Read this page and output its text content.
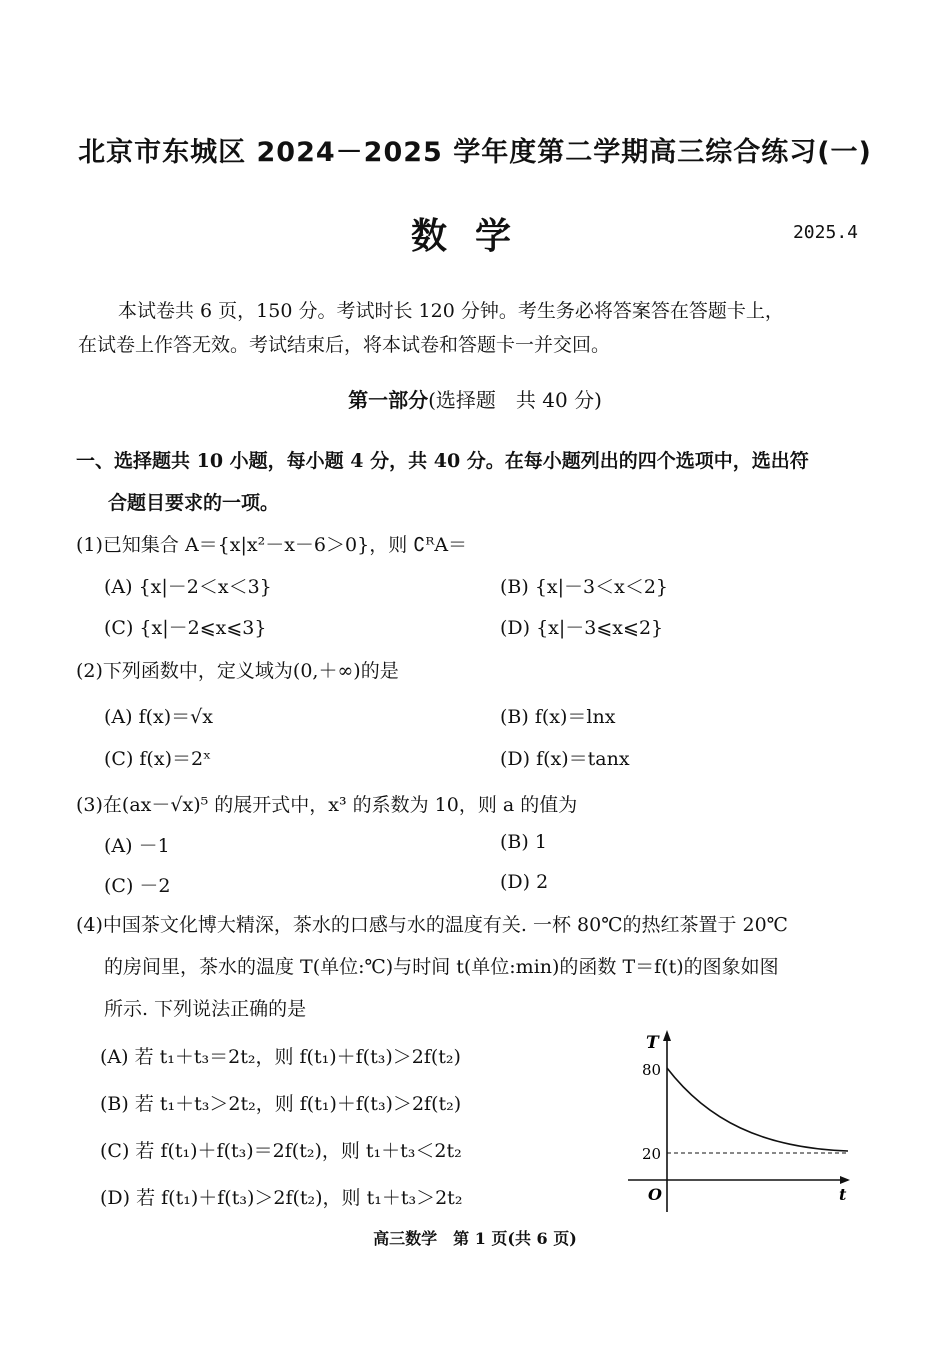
北京市东城区 2024－2025 学年度第二学期高三综合练习(一)
数学	2025.4
本试卷共 6 页，150 分。考试时长 120 分钟。考生务必将答案答在答题卡上，
在试卷上作答无效。考试结束后，将本试卷和答题卡一并交回。
第一部分(选择题　共 40 分)
一、选择题共 10 小题，每小题 4 分，共 40 分。在每小题列出的四个选项中，选出符
合题目要求的一项。
(1)已知集合 A＝{x|x²－x－6＞0}，则 ∁ᴿA＝
(A) {x|－2＜x＜3}	(B) {x|－3＜x＜2}
(C) {x|－2⩽x⩽3}	(D) {x|－3⩽x⩽2}
(2)下列函数中，定义域为(0,＋∞)的是
(A) f(x)＝√x	(B) f(x)＝lnx
(C) f(x)＝2ˣ	(D) f(x)＝tanx
(3)在(ax－√x)⁵ 的展开式中，x³ 的系数为 10，则 a 的值为
(A) －1	(B) 1
(C) －2	(D) 2
(4)中国茶文化博大精深，茶水的口感与水的温度有关. 一杯 80℃的热红茶置于 20℃
的房间里，茶水的温度 T(单位:℃)与时间 t(单位:min)的函数 T＝f(t)的图象如图
所示. 下列说法正确的是
(A) 若 t₁＋t₃＝2t₂，则 f(t₁)＋f(t₃)＞2f(t₂)
(B) 若 t₁＋t₃＞2t₂，则 f(t₁)＋f(t₃)＞2f(t₂)
(C) 若 f(t₁)＋f(t₃)＝2f(t₂)，则 t₁＋t₃＜2t₂
(D) 若 f(t₁)＋f(t₃)＞2f(t₂)，则 t₁＋t₃＞2t₂
T
80
20
O	t
高三数学　第 1 页(共 6 页)
